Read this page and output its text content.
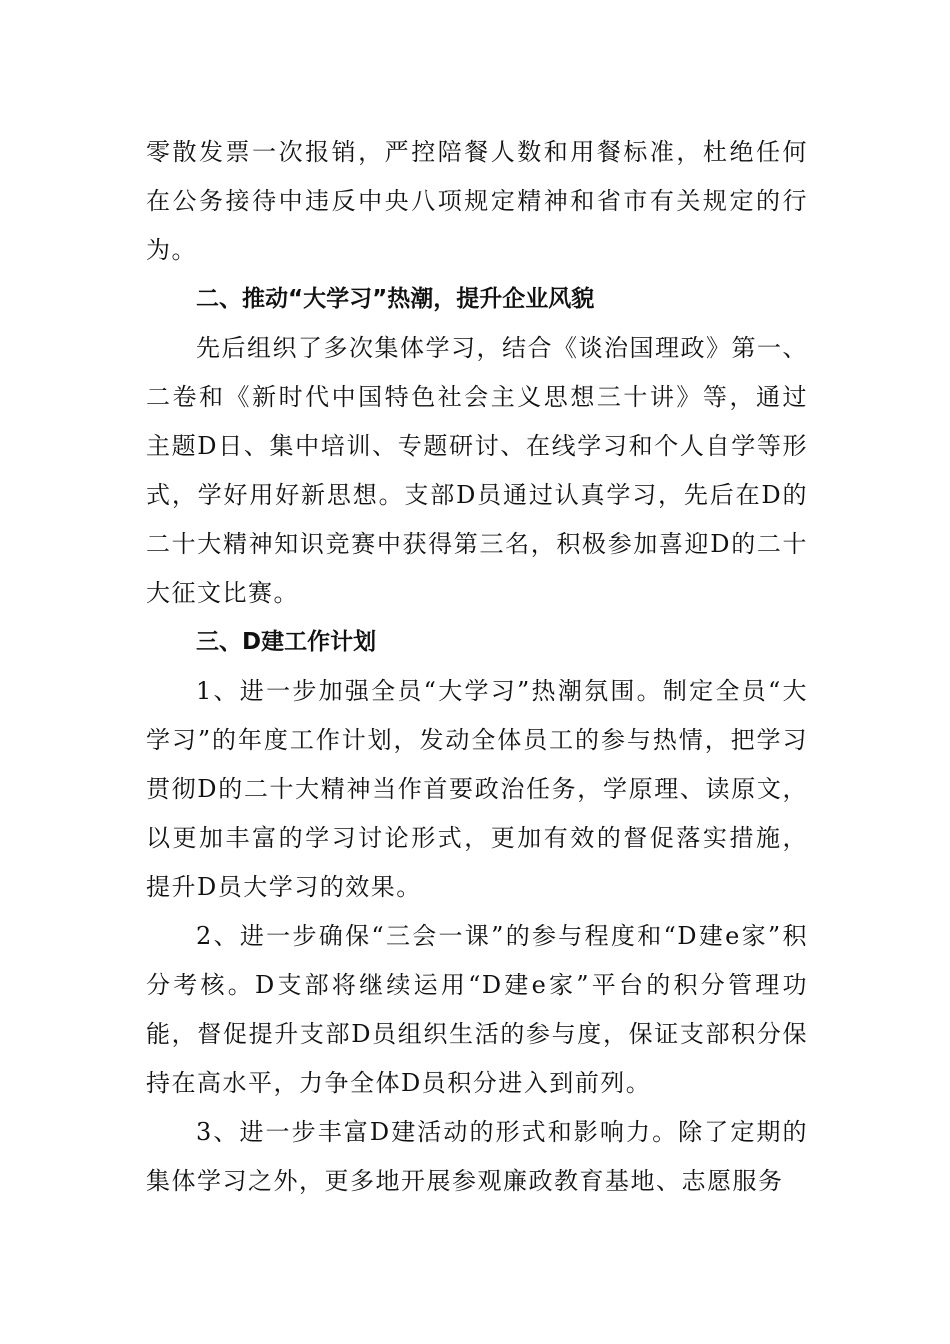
零散发票一次报销，严控陪餐人数和用餐标准，杜绝任何在公务接待中违反中央八项规定精神和省市有关规定的行为。

二、推动“大学习”热潮，提升企业风貌

先后组织了多次集体学习，结合《谈治国理政》第一、二卷和《新时代中国特色社会主义思想三十讲》等，通过主题D日、集中培训、专题研讨、在线学习和个人自学等形式，学好用好新思想。支部D员通过认真学习，先后在D的二十大精神知识竞赛中获得第三名，积极参加喜迎D的二十大征文比赛。

三、D建工作计划

1、进一步加强全员“大学习”热潮氛围。制定全员“大学习”的年度工作计划，发动全体员工的参与热情，把学习贯彻D的二十大精神当作首要政治任务，学原理、读原文，以更加丰富的学习讨论形式，更加有效的督促落实措施，提升D员大学习的效果。

2、进一步确保“三会一课”的参与程度和“D建e家”积分考核。D支部将继续运用“D建e家”平台的积分管理功能，督促提升支部D员组织生活的参与度，保证支部积分保持在高水平，力争全体D员积分进入到前列。

3、进一步丰富D建活动的形式和影响力。除了定期的集体学习之外，更多地开展参观廉政教育基地、志愿服务
